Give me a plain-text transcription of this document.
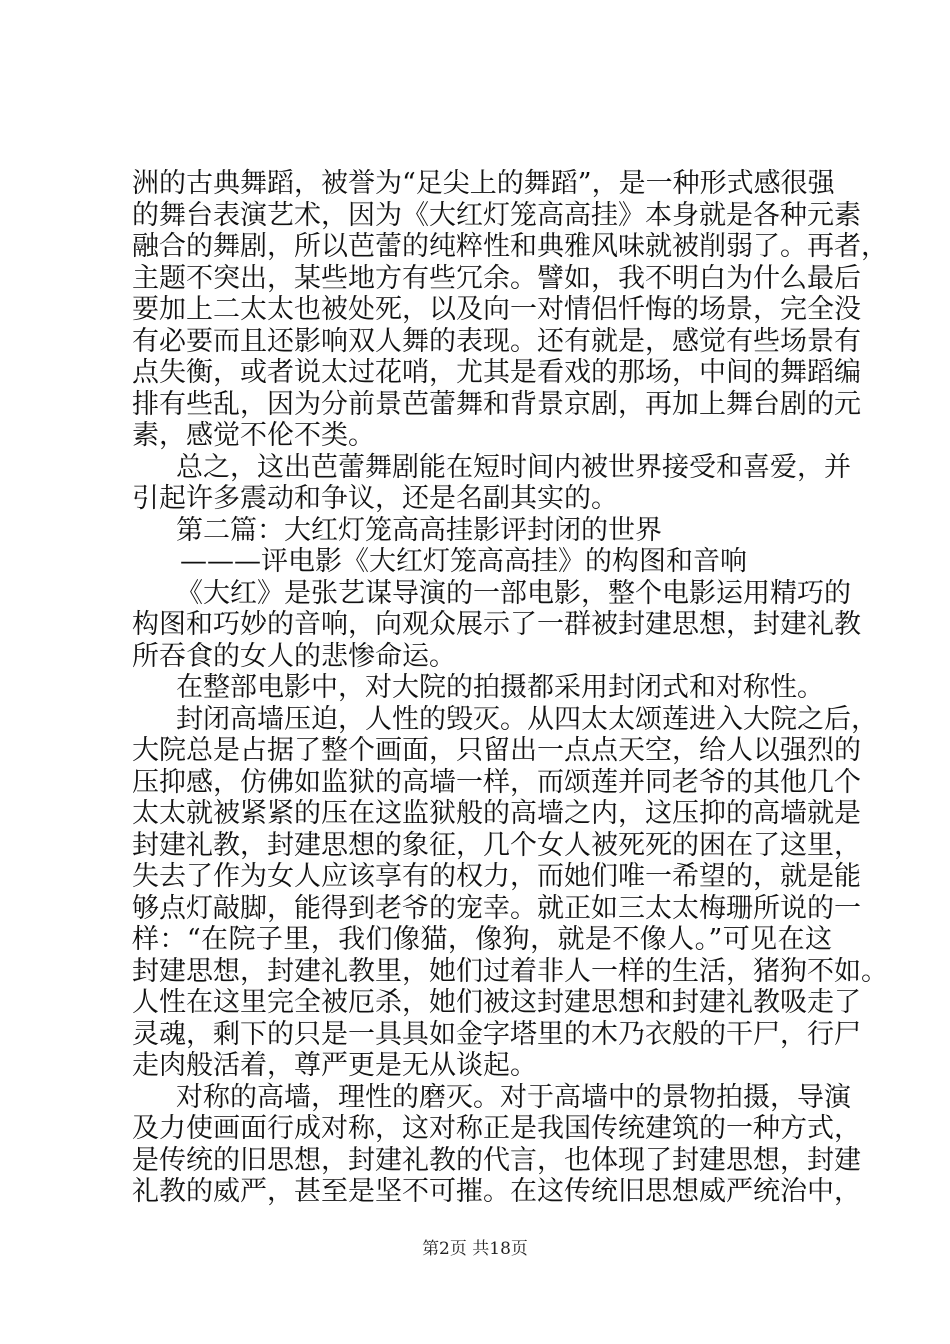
洲的古典舞蹈，被誉为“足尖上的舞蹈”，是一种形式感很强
的舞台表演艺术，因为《大红灯笼高高挂》本身就是各种元素
融合的舞剧，所以芭蕾的纯粹性和典雅风味就被削弱了。再者，
主题不突出，某些地方有些冗余。譬如，我不明白为什么最后
要加上二太太也被处死，以及向一对情侣忏悔的场景，完全没
有必要而且还影响双人舞的表现。还有就是，感觉有些场景有
点失衡，或者说太过花哨，尤其是看戏的那场，中间的舞蹈编
排有些乱，因为分前景芭蕾舞和背景京剧，再加上舞台剧的元
素，感觉不伦不类。
总之，这出芭蕾舞剧能在短时间内被世界接受和喜爱，并
引起许多震动和争议，还是名副其实的。
第二篇：大红灯笼高高挂影评封闭的世界
———评电影《大红灯笼高高挂》的构图和音响
《大红》是张艺谋导演的一部电影，整个电影运用精巧的
构图和巧妙的音响，向观众展示了一群被封建思想，封建礼教
所吞食的女人的悲惨命运。
在整部电影中，对大院的拍摄都采用封闭式和对称性。
封闭高墙压迫，人性的毁灭。从四太太颂莲进入大院之后，
大院总是占据了整个画面，只留出一点点天空，给人以强烈的
压抑感，仿佛如监狱的高墙一样，而颂莲并同老爷的其他几个
太太就被紧紧的压在这监狱般的高墙之内，这压抑的高墙就是
封建礼教，封建思想的象征，几个女人被死死的困在了这里，
失去了作为女人应该享有的权力，而她们唯一希望的，就是能
够点灯敲脚，能得到老爷的宠幸。就正如三太太梅珊所说的一
样：“在院子里，我们像猫，像狗，就是不像人。”可见在这
封建思想，封建礼教里，她们过着非人一样的生活，猪狗不如。
人性在这里完全被厄杀，她们被这封建思想和封建礼教吸走了
灵魂，剩下的只是一具具如金字塔里的木乃衣般的干尸，行尸
走肉般活着，尊严更是无从谈起。
对称的高墙，理性的磨灭。对于高墙中的景物拍摄，导演
及力使画面行成对称，这对称正是我国传统建筑的一种方式，
是传统的旧思想，封建礼教的代言，也体现了封建思想，封建
礼教的威严，甚至是坚不可摧。在这传统旧思想威严统治中，
第2页 共18页
